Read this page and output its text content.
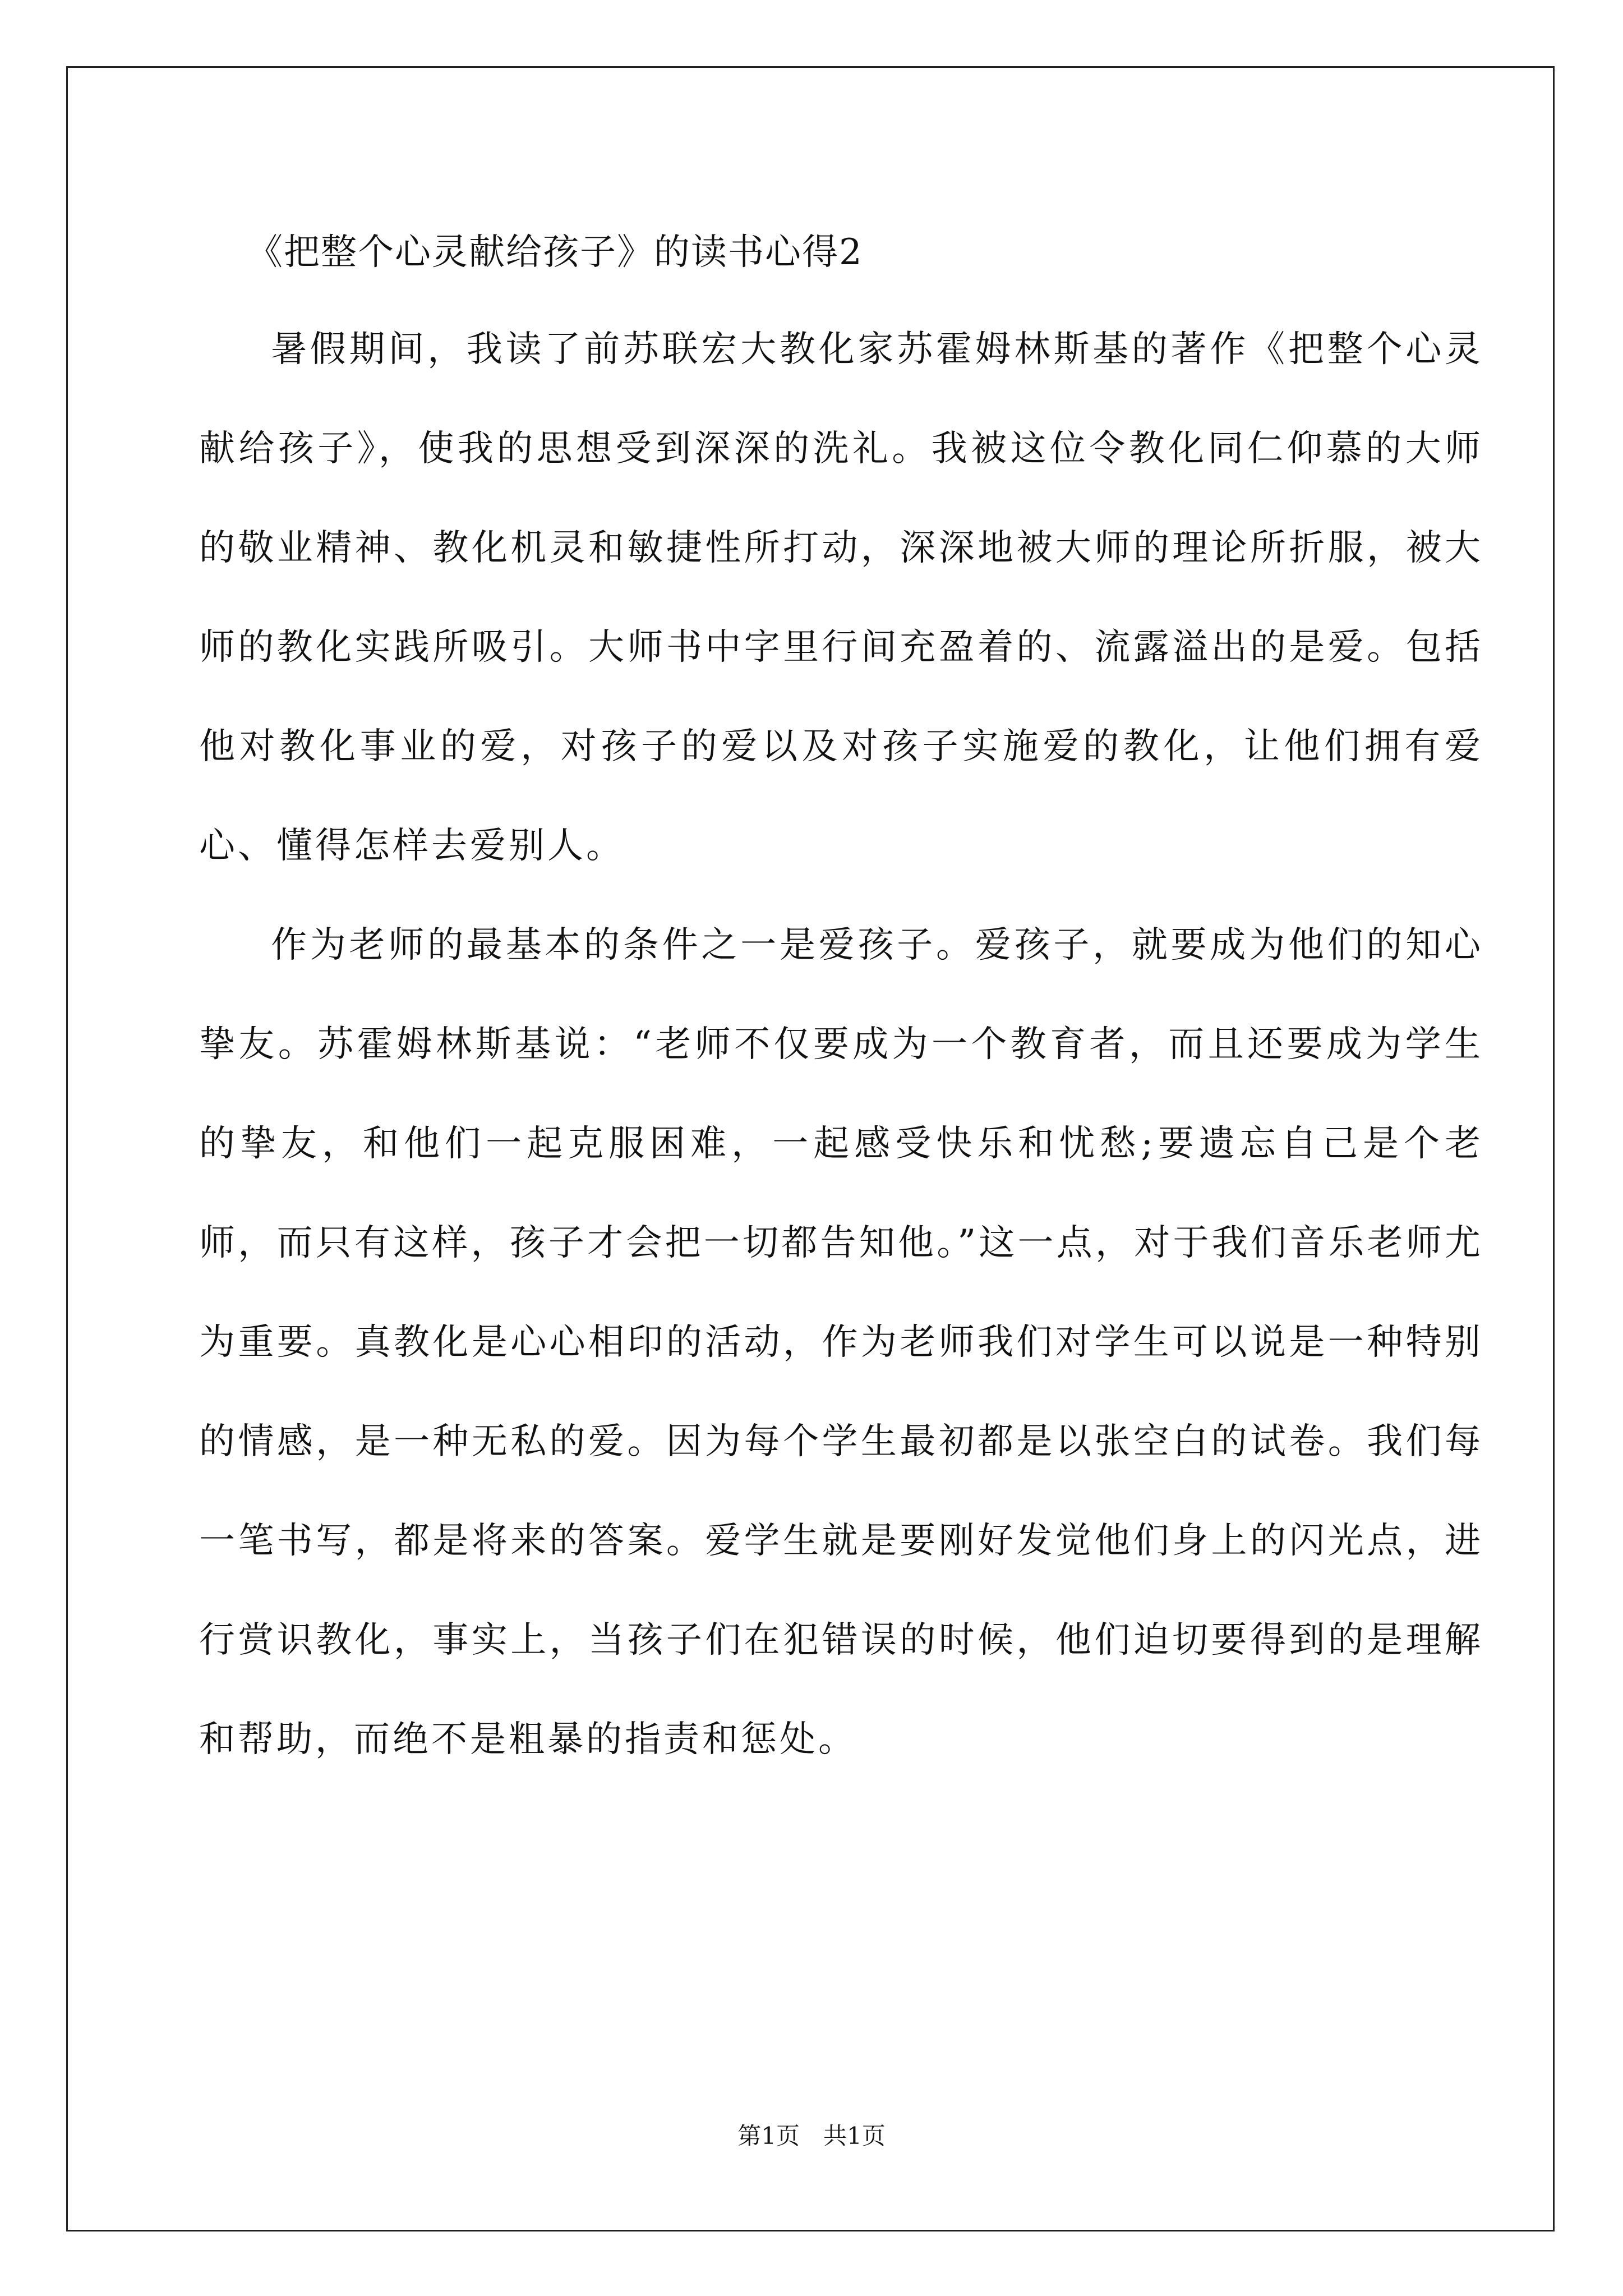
《把整个心灵献给孩子》的读书心得2

暑假期间，我读了前苏联宏大教化家苏霍姆林斯基的著作《把整个心灵献给孩子》，使我的思想受到深深的洗礼。我被这位令教化同仁仰慕的大师的敬业精神、教化机灵和敏捷性所打动，深深地被大师的理论所折服，被大师的教化实践所吸引。大师书中字里行间充盈着的、流露溢出的是爱。包括他对教化事业的爱，对孩子的爱以及对孩子实施爱的教化，让他们拥有爱心、懂得怎样去爱别人。

作为老师的最基本的条件之一是爱孩子。爱孩子，就要成为他们的知心挚友。苏霍姆林斯基说：“老师不仅要成为一个教育者，而且还要成为学生的挚友，和他们一起克服困难，一起感受快乐和忧愁;要遗忘自己是个老师，而只有这样，孩子才会把一切都告知他。”这一点，对于我们音乐老师尤为重要。真教化是心心相印的活动，作为老师我们对学生可以说是一种特别的情感，是一种无私的爱。因为每个学生最初都是以张空白的试卷。我们每一笔书写，都是将来的答案。爱学生就是要刚好发觉他们身上的闪光点，进行赏识教化，事实上，当孩子们在犯错误的时候，他们迫切要得到的是理解和帮助，而绝不是粗暴的指责和惩处。

第1页　共1页
